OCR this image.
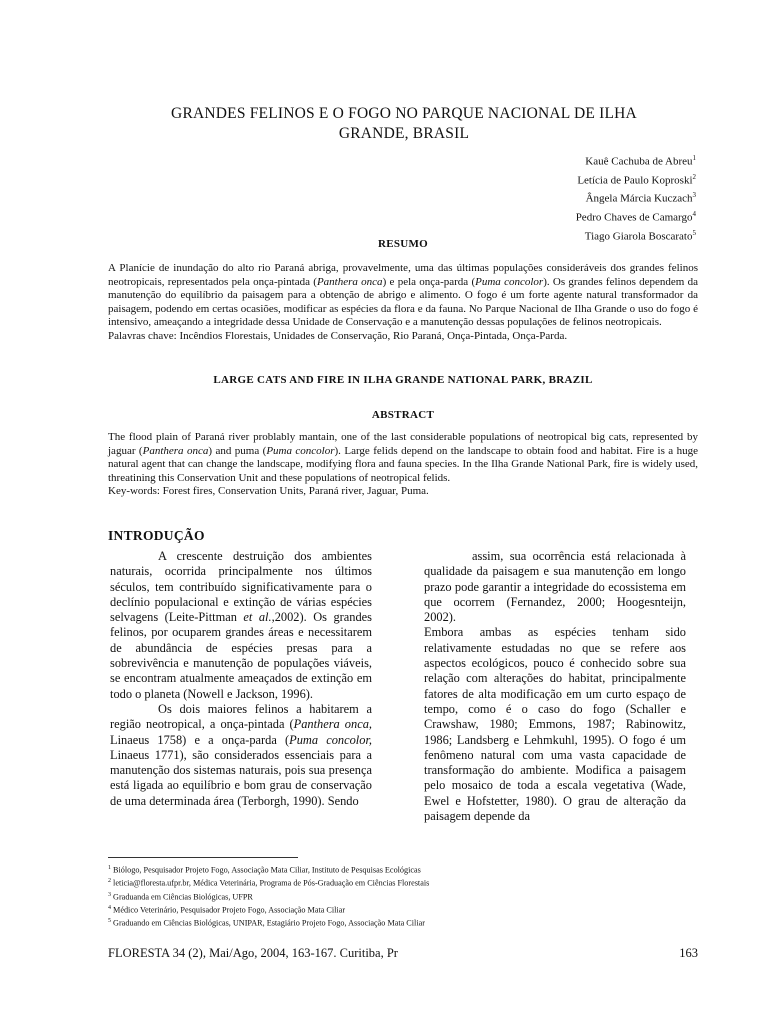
GRANDES FELINOS E O FOGO NO PARQUE NACIONAL DE ILHA
GRANDE, BRASIL
Kauê Cachuba de Abreu$^1$
Letícia de Paulo Koproski$^2$
Ângela Márcia Kuczach$^3$
Pedro Chaves de Camargo$^4$
Tiago Giarola Boscarato$^5$
RESUMO

A Planície de inundação do alto rio Paraná abriga, provavelmente, uma das últimas populações consideráveis dos grandes felinos neotropicais, representados pela onça-pintada (Panthera onca) e pela onça-parda (Puma concolor). Os grandes felinos dependem da manutenção do equilíbrio da paisagem para a obtenção de abrigo e alimento. O fogo é um forte agente natural transformador da paisagem, podendo em certas ocasiões, modificar as espécies da flora e da fauna. No Parque Nacional de Ilha Grande o uso do fogo é intensivo, ameaçando a integridade dessa Unidade de Conservação e a manutenção dessas populações de felinos neotropicais.

Palavras chave: Incêndios Florestais, Unidades de Conservação, Rio Paraná, Onça-Pintada, Onça-Parda.

LARGE CATS AND FIRE IN ILHA GRANDE NATIONAL PARK, BRAZIL
ABSTRACT

The flood plain of Paraná river problably mantain, one of the last considerable populations of neotropical big cats, represented by jaguar (Panthera onca) and puma (Puma concolor). Large felids depend on the landscape to obtain food and habitat. Fire is a huge natural agent that can change the landscape, modifying flora and fauna species. In the Ilha Grande National Park, fire is widely used, threatining this Conservation Unit and these populations of neotropical felids.

Key-words: Forest fires, Conservation Units, Paraná river, Jaguar, Puma.

INTRODUÇÃO

A crescente destruição dos ambientes naturais, ocorrida principalmente nos últimos séculos, tem contribuído significativamente para o declínio populacional e extinção de várias espécies selvagens (Leite-Pittman et al.,2002). Os grandes felinos, por ocuparem grandes áreas e necessitarem de abundância de espécies presas para a sobrevivência e manutenção de populações viáveis, se encontram atualmente ameaçados de extinção em todo o planeta (Nowell e Jackson, 1996).

Os dois maiores felinos a habitarem a região neotropical, a onça-pintada (Panthera onca, Linaeus 1758) e a onça-parda (Puma concolor, Linaeus 1771), são considerados essenciais para a manutenção dos sistemas naturais, pois sua presença está ligada ao equilíbrio e bom grau de conservação de uma determinada área (Terborgh, 1990). Sendo

assim, sua ocorrência está relacionada à qualidade da paisagem e sua manutenção em longo prazo pode garantir a integridade do ecossistema em que ocorrem (Fernandez, 2000; Hoogesnteijn, 2002).

Embora ambas as espécies tenham sido relativamente estudadas no que se refere aos aspectos ecológicos, pouco é conhecido sobre sua relação com alterações do habitat, principalmente fatores de alta modificação em um curto espaço de tempo, como é o caso do fogo (Schaller e Crawshaw, 1980; Emmons, 1987; Rabinowitz, 1986; Landsberg e Lehmkuhl, 1995). O fogo é um fenômeno natural com uma vasta capacidade de transformação do ambiente. Modifica a paisagem pelo mosaico de toda a escala vegetativa (Wade, Ewel e Hofstetter, 1980). O grau de alteração da paisagem depende da

$^1$ Biólogo, Pesquisador Projeto Fogo, Associação Mata Ciliar, Instituto de Pesquisas Ecológicas
$^2$ leticia@floresta.ufpr.br, Médica Veterinária, Programa de Pós-Graduação em Ciências Florestais
$^3$ Graduanda em Ciências Biológicas, UFPR
$^4$ Médico Veterinário, Pesquisador Projeto Fogo, Associação Mata Ciliar
$^5$ Graduando em Ciências Biológicas, UNIPAR, Estagiário Projeto Fogo, Associação Mata Ciliar
FLORESTA 34 (2), Mai/Ago, 2004, 163-167. Curitiba, Pr	163
